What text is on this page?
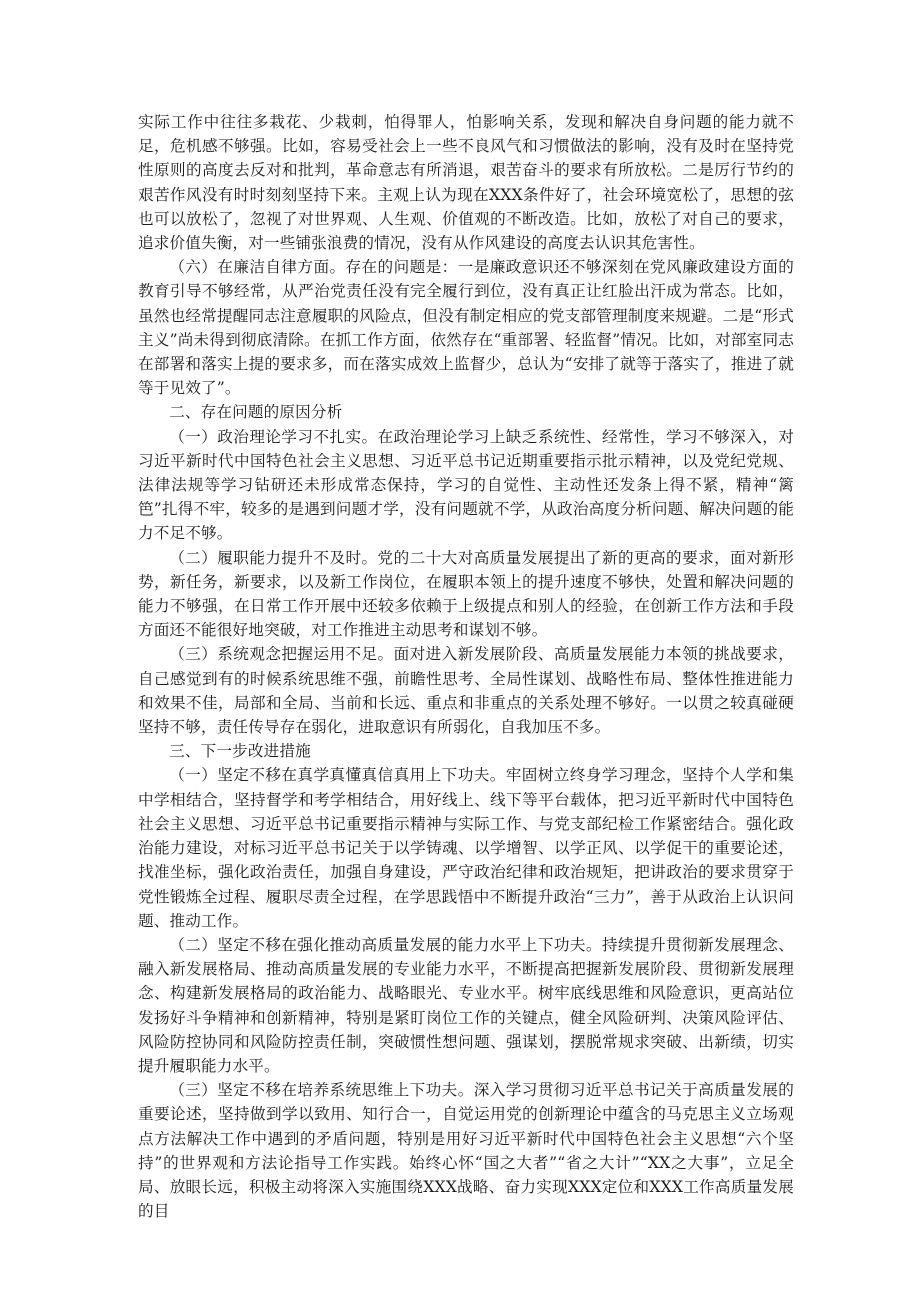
实际工作中往往多栽花、少栽刺，怕得罪人，怕影响关系，发现和解决自身问题的能力就不足，危机感不够强。比如，容易受社会上一些不良风气和习惯做法的影响，没有及时在坚持党性原则的高度去反对和批判，革命意志有所消退，艰苦奋斗的要求有所放松。二是厉行节约的艰苦作风没有时时刻刻坚持下来。主观上认为现在XXX条件好了，社会环境宽松了，思想的弦也可以放松了，忽视了对世界观、人生观、价值观的不断改造。比如，放松了对自己的要求，追求价值失衡，对一些铺张浪费的情况，没有从作风建设的高度去认识其危害性。

（六）在廉洁自律方面。存在的问题是：一是廉政意识还不够深刻在党风廉政建设方面的教育引导不够经常，从严治党责任没有完全履行到位，没有真正让红脸出汗成为常态。比如，虽然也经常提醒同志注意履职的风险点，但没有制定相应的党支部管理制度来规避。二是“形式主义”尚未得到彻底清除。在抓工作方面，依然存在“重部署、轻监督”情况。比如，对部室同志在部署和落实上提的要求多，而在落实成效上监督少，总认为“安排了就等于落实了，推进了就等于见效了”。

二、存在问题的原因分析

（一）政治理论学习不扎实。在政治理论学习上缺乏系统性、经常性，学习不够深入，对习近平新时代中国特色社会主义思想、习近平总书记近期重要指示批示精神，以及党纪党规、法律法规等学习钻研还未形成常态保持，学习的自觉性、主动性还发条上得不紧，精神“篱笆”扎得不牢，较多的是遇到问题才学，没有问题就不学，从政治高度分析问题、解决问题的能力不足不够。

（二）履职能力提升不及时。党的二十大对高质量发展提出了新的更高的要求，面对新形势，新任务，新要求，以及新工作岗位，在履职本领上的提升速度不够快，处置和解决问题的能力不够强，在日常工作开展中还较多依赖于上级提点和别人的经验，在创新工作方法和手段方面还不能很好地突破，对工作推进主动思考和谋划不够。

（三）系统观念把握运用不足。面对进入新发展阶段、高质量发展能力本领的挑战要求，自己感觉到有的时候系统思维不强，前瞻性思考、全局性谋划、战略性布局、整体性推进能力和效果不佳，局部和全局、当前和长远、重点和非重点的关系处理不够好。一以贯之较真碰硬坚持不够，责任传导存在弱化，进取意识有所弱化，自我加压不多。

三、下一步改进措施

（一）坚定不移在真学真懂真信真用上下功夫。牢固树立终身学习理念，坚持个人学和集中学相结合，坚持督学和考学相结合，用好线上、线下等平台载体，把习近平新时代中国特色社会主义思想、习近平总书记重要指示精神与实际工作、与党支部纪检工作紧密结合。强化政治能力建设，对标习近平总书记关于以学铸魂、以学增智、以学正风、以学促干的重要论述，找准坐标，强化政治责任，加强自身建设，严守政治纪律和政治规矩，把讲政治的要求贯穿于党性锻炼全过程、履职尽责全过程，在学思践悟中不断提升政治“三力”，善于从政治上认识问题、推动工作。

（二）坚定不移在强化推动高质量发展的能力水平上下功夫。持续提升贯彻新发展理念、融入新发展格局、推动高质量发展的专业能力水平，不断提高把握新发展阶段、贯彻新发展理念、构建新发展格局的政治能力、战略眼光、专业水平。树牢底线思维和风险意识，更高站位发扬好斗争精神和创新精神，特别是紧盯岗位工作的关键点，健全风险研判、决策风险评估、风险防控协同和风险防控责任制，突破惯性想问题、强谋划，摆脱常规求突破、出新绩，切实提升履职能力水平。

（三）坚定不移在培养系统思维上下功夫。深入学习贯彻习近平总书记关于高质量发展的重要论述，坚持做到学以致用、知行合一，自觉运用党的创新理论中蕴含的马克思主义立场观点方法解决工作中遇到的矛盾问题，特别是用好习近平新时代中国特色社会主义思想“六个坚持”的世界观和方法论指导工作实践。始终心怀“国之大者”“省之大计”“XX之大事”，立足全局、放眼长远，积极主动将深入实施围绕XXX战略、奋力实现XXX定位和XXX工作高质量发展的目
